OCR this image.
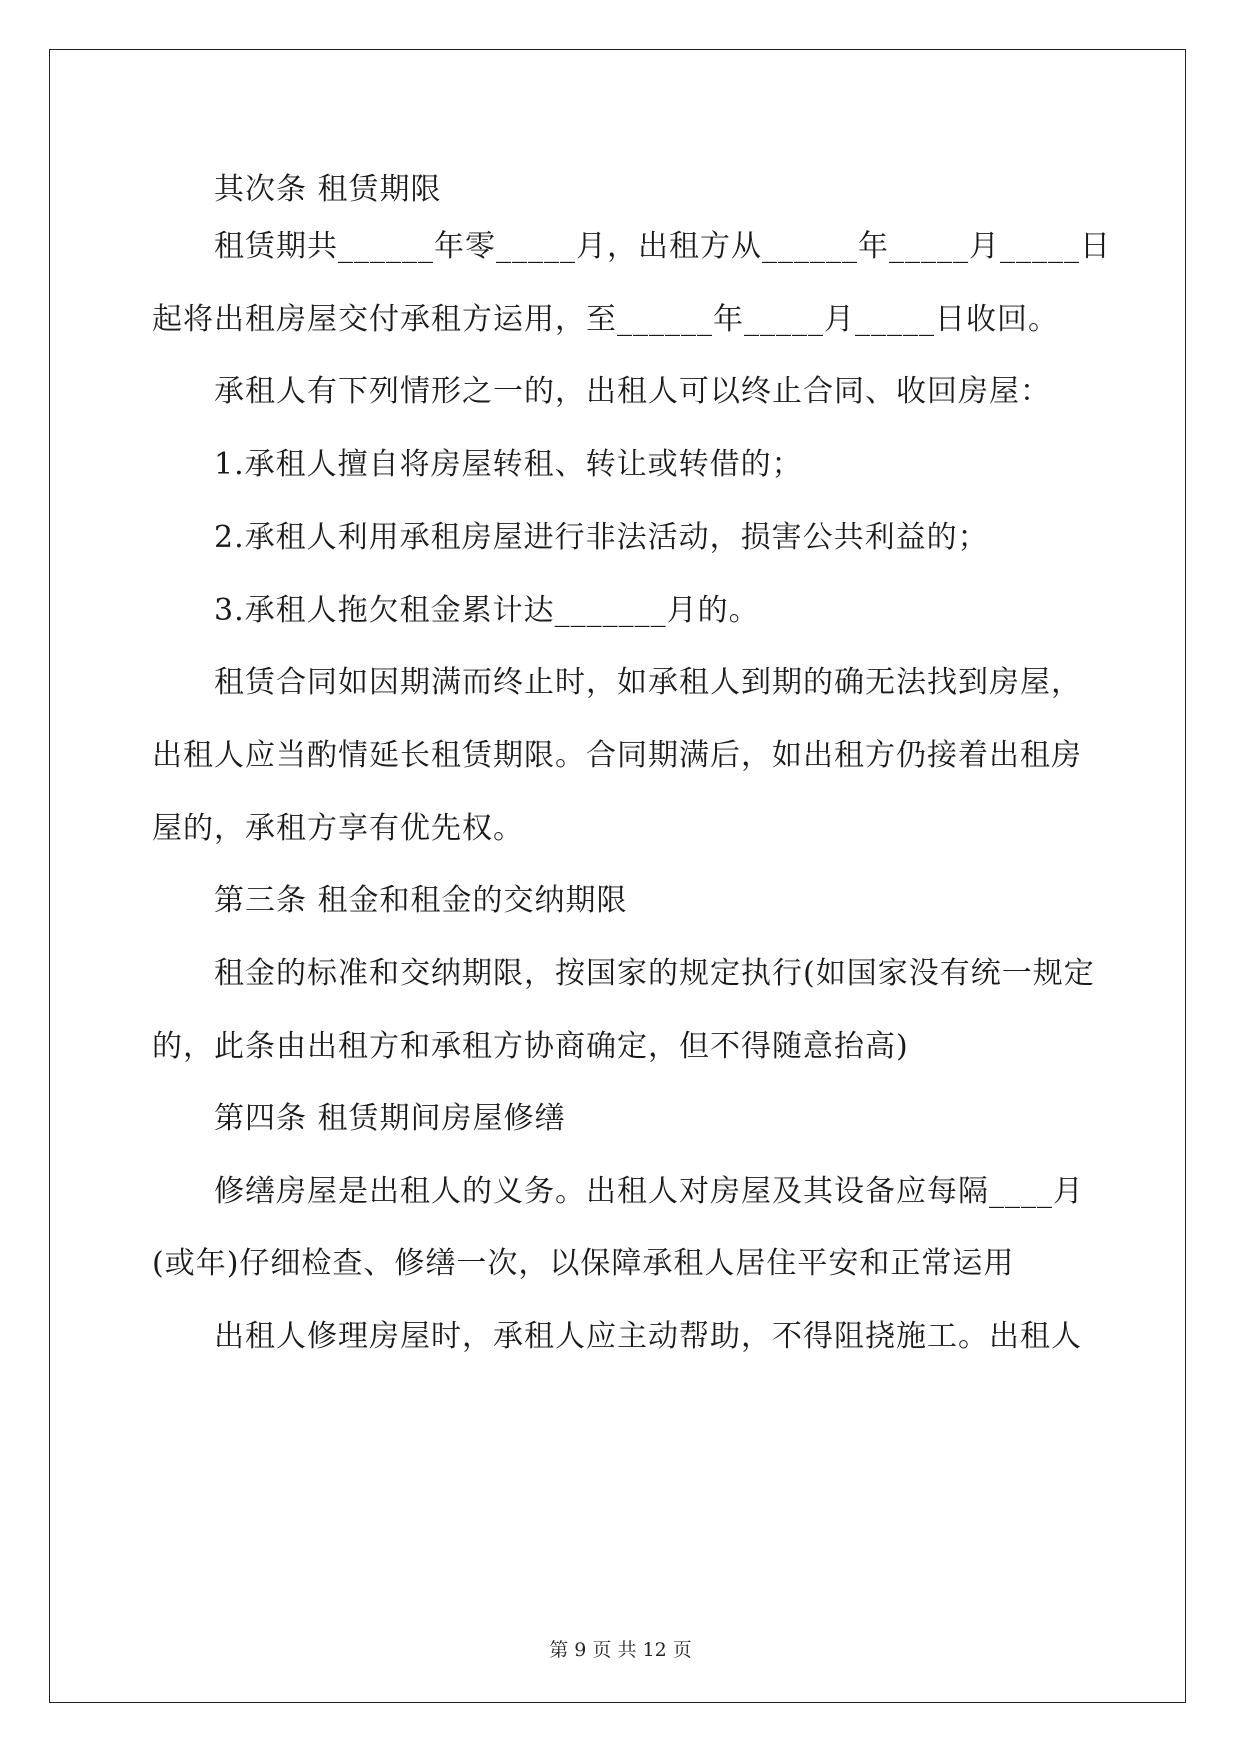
其次条 租赁期限
租赁期共______年零_____月，出租方从______年_____月_____日
起将出租房屋交付承租方运用，至______年_____月_____日收回。
承租人有下列情形之一的，出租人可以终止合同、收回房屋：
1.承租人擅自将房屋转租、转让或转借的；
2.承租人利用承租房屋进行非法活动，损害公共利益的；
3.承租人拖欠租金累计达_______月的。
租赁合同如因期满而终止时，如承租人到期的确无法找到房屋，
出租人应当酌情延长租赁期限。合同期满后，如出租方仍接着出租房
屋的，承租方享有优先权。
第三条 租金和租金的交纳期限
租金的标准和交纳期限，按国家的规定执行(如国家没有统一规定
的，此条由出租方和承租方协商确定，但不得随意抬高)
第四条 租赁期间房屋修缮
修缮房屋是出租人的义务。出租人对房屋及其设备应每隔____月
(或年)仔细检查、修缮一次，以保障承租人居住平安和正常运用
出租人修理房屋时，承租人应主动帮助，不得阻挠施工。出租人
第 9 页 共 12 页
